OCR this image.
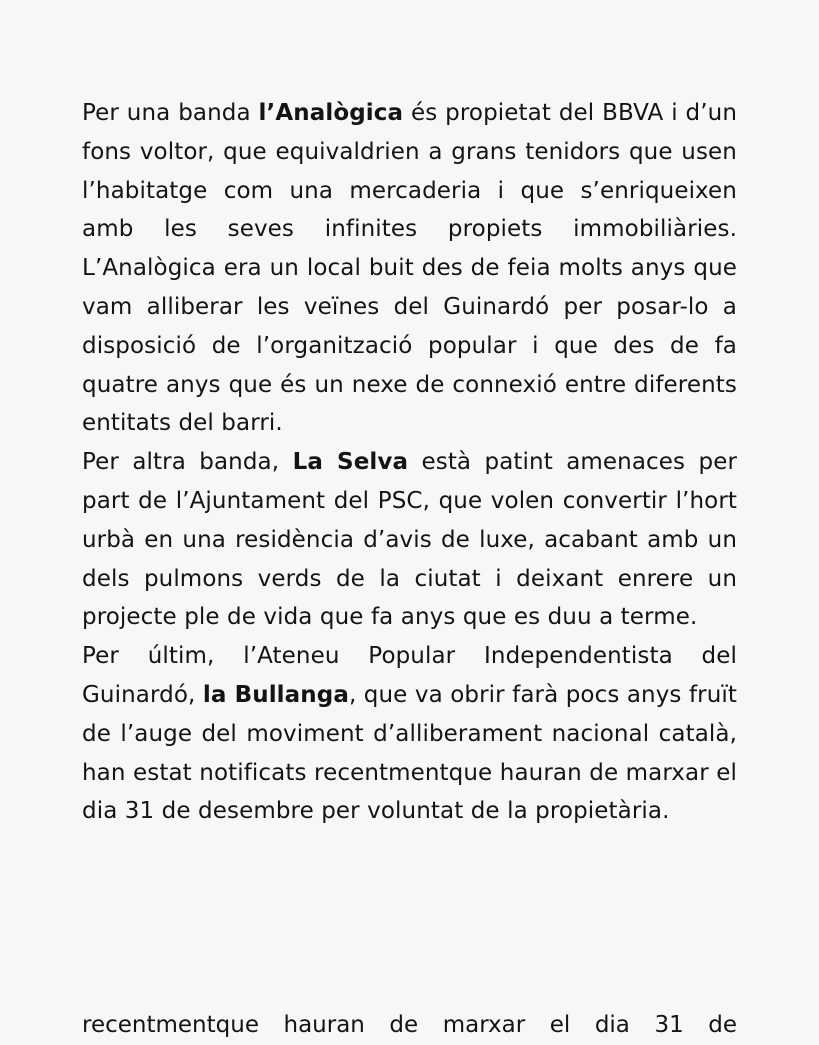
Per una banda l’Analògica és propietat del BBVA i d’un fons voltor, que equivaldrien a grans tenidors que usen l’habitatge com una mercaderia i que s’enriqueixen amb les seves infinites propiets immobiliàries. L’Analògica era un local buit des de feia molts anys que vam alliberar les veïnes del Guinardó per posar-lo a disposició de l’organització popular i que des de fa quatre anys que és un nexe de connexió entre diferents entitats del barri.

Per altra banda, La Selva està patint amenaces per part de l’Ajuntament del PSC, que volen convertir l’hort urbà en una residència d’avis de luxe, acabant amb un dels pulmons verds de la ciutat i deixant enrere un projecte ple de vida que fa anys que es duu a terme.

Per últim, l’Ateneu Popular Independentista del Guinardó, la Bullanga, que va obrir farà pocs anys fruït de l’auge del moviment d’alliberament nacional català, han estat notificats recentmentque hauran de marxar el dia 31 de desembre per voluntat de la propietària.

recentmentque hauran de marxar el dia 31 de
